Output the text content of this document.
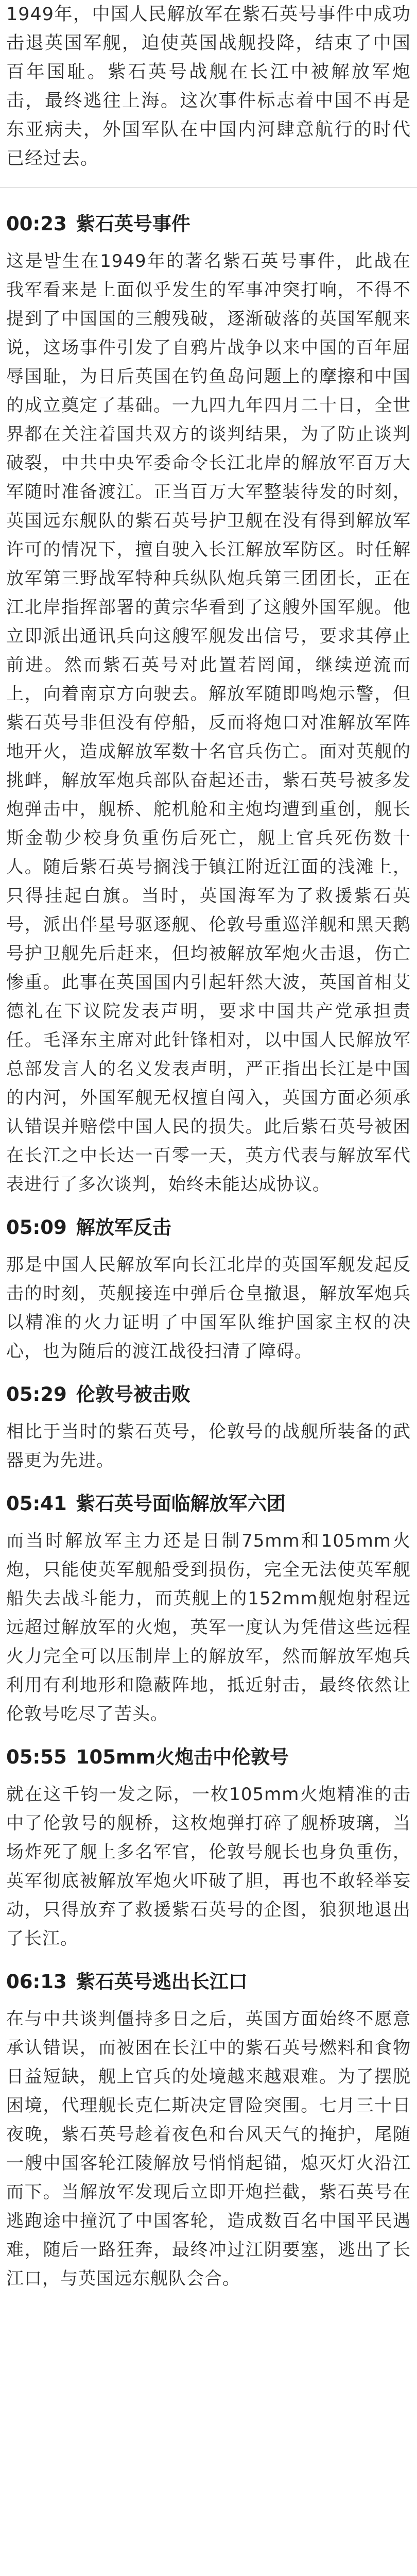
1949年，中国人民解放军在紫石英号事件中成功击退英国军舰，迫使英国战舰投降，结束了中国百年国耻。紫石英号战舰在长江中被解放军炮击，最终逃往上海。这次事件标志着中国不再是东亚病夫，外国军队在中国内河肆意航行的时代已经过去。

00:23 紫石英号事件

这是발生在1949年的著名紫石英号事件，此战在我军看来是上面似乎发生的军事冲突打响，不得不提到了中国国的三艘残破，逐渐破落的英国军舰来说，这场事件引发了自鸦片战争以来中国的百年屈辱国耻，为日后英国在钓鱼岛问题上的摩擦和中国的成立奠定了基础。一九四九年四月二十日，全世界都在关注着国共双方的谈判结果，为了防止谈判破裂，中共中央军委命令长江北岸的解放军百万大军随时准备渡江。正当百万大军整装待发的时刻，英国远东舰队的紫石英号护卫舰在没有得到解放军许可的情况下，擅自驶入长江解放军防区。时任解放军第三野战军特种兵纵队炮兵第三团团长，正在江北岸指挥部署的黄宗华看到了这艘外国军舰。他立即派出通讯兵向这艘军舰发出信号，要求其停止前进。然而紫石英号对此置若罔闻，继续逆流而上，向着南京方向驶去。解放军随即鸣炮示警，但紫石英号非但没有停船，反而将炮口对准解放军阵地开火，造成解放军数十名官兵伤亡。面对英舰的挑衅，解放军炮兵部队奋起还击，紫石英号被多发炮弹击中，舰桥、舵机舱和主炮均遭到重创，舰长斯金勒少校身负重伤后死亡，舰上官兵死伤数十人。随后紫石英号搁浅于镇江附近江面的浅滩上，只得挂起白旗。当时，英国海军为了救援紫石英号，派出伴星号驱逐舰、伦敦号重巡洋舰和黑天鹅号护卫舰先后赶来，但均被解放军炮火击退，伤亡惨重。此事在英国国内引起轩然大波，英国首相艾德礼在下议院发表声明，要求中国共产党承担责任。毛泽东主席对此针锋相对，以中国人民解放军总部发言人的名义发表声明，严正指出长江是中国的内河，外国军舰无权擅自闯入，英国方面必须承认错误并赔偿中国人民的损失。此后紫石英号被困在长江之中长达一百零一天，英方代表与解放军代表进行了多次谈判，始终未能达成协议。

05:09 解放军反击

那是中国人民解放军向长江北岸的英国军舰发起反击的时刻，英舰接连中弹后仓皇撤退，解放军炮兵以精准的火力证明了中国军队维护国家主权的决心，也为随后的渡江战役扫清了障碍。

05:29 伦敦号被击败

相比于当时的紫石英号，伦敦号的战舰所装备的武器更为先进。

05:41 紫石英号面临解放军六团

而当时解放军主力还是日制75mm和105mm火炮，只能使英军舰船受到损伤，完全无法使英军舰船失去战斗能力，而英舰上的152mm舰炮射程远远超过解放军的火炮，英军一度认为凭借这些远程火力完全可以压制岸上的解放军，然而解放军炮兵利用有利地形和隐蔽阵地，抵近射击，最终依然让伦敦号吃尽了苦头。

05:55 105mm火炮击中伦敦号

就在这千钧一发之际，一枚105mm火炮精准的击中了伦敦号的舰桥，这枚炮弹打碎了舰桥玻璃，当场炸死了舰上多名军官，伦敦号舰长也身负重伤，英军彻底被解放军炮火吓破了胆，再也不敢轻举妄动，只得放弃了救援紫石英号的企图，狼狈地退出了长江。

06:13 紫石英号逃出长江口

在与中共谈判僵持多日之后，英国方面始终不愿意承认错误，而被困在长江中的紫石英号燃料和食物日益短缺，舰上官兵的处境越来越艰难。为了摆脱困境，代理舰长克仁斯决定冒险突围。七月三十日夜晚，紫石英号趁着夜色和台风天气的掩护，尾随一艘中国客轮江陵解放号悄悄起锚，熄灭灯火沿江而下。当解放军发现后立即开炮拦截，紫石英号在逃跑途中撞沉了中国客轮，造成数百名中国平民遇难，随后一路狂奔，最终冲过江阴要塞，逃出了长江口，与英国远东舰队会合。
